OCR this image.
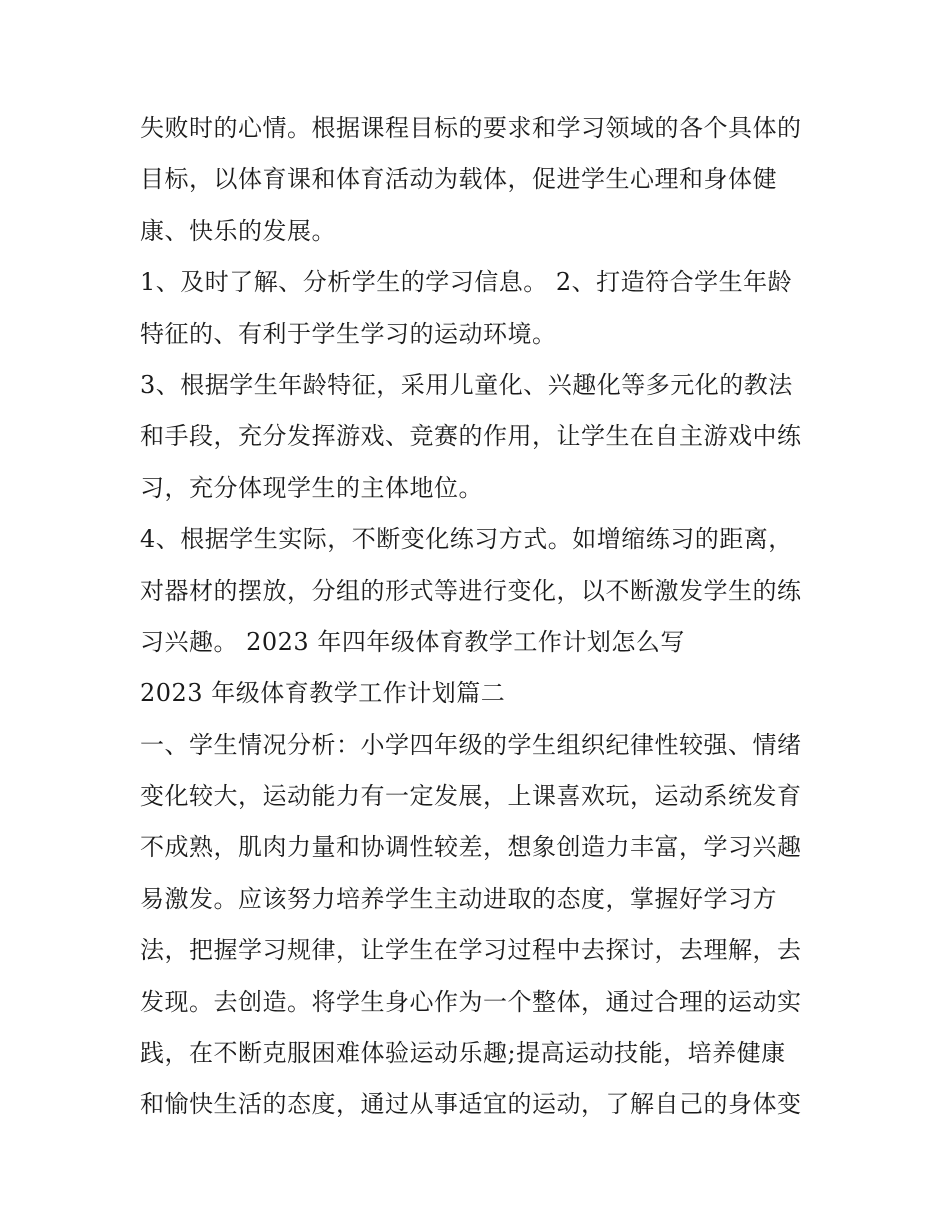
失败时的心情。根据课程目标的要求和学习领域的各个具体的
目标，以体育课和体育活动为载体，促进学生心理和身体健
康、快乐的发展。
1、及时了解、分析学生的学习信息。 2、打造符合学生年龄
特征的、有利于学生学习的运动环境。
3、根据学生年龄特征，采用儿童化、兴趣化等多元化的教法
和手段，充分发挥游戏、竞赛的作用，让学生在自主游戏中练
习，充分体现学生的主体地位。
4、根据学生实际，不断变化练习方式。如增缩练习的距离，
对器材的摆放，分组的形式等进行变化，以不断激发学生的练
习兴趣。 2023 年四年级体育教学工作计划怎么写
2023 年级体育教学工作计划篇二
一、学生情况分析：小学四年级的学生组织纪律性较强、情绪
变化较大，运动能力有一定发展，上课喜欢玩，运动系统发育
不成熟，肌肉力量和协调性较差，想象创造力丰富，学习兴趣
易激发。应该努力培养学生主动进取的态度，掌握好学习方
法，把握学习规律，让学生在学习过程中去探讨，去理解，去
发现。去创造。将学生身心作为一个整体，通过合理的运动实
践，在不断克服困难体验运动乐趣;提高运动技能，培养健康
和愉快生活的态度，通过从事适宜的运动，了解自己的身体变
